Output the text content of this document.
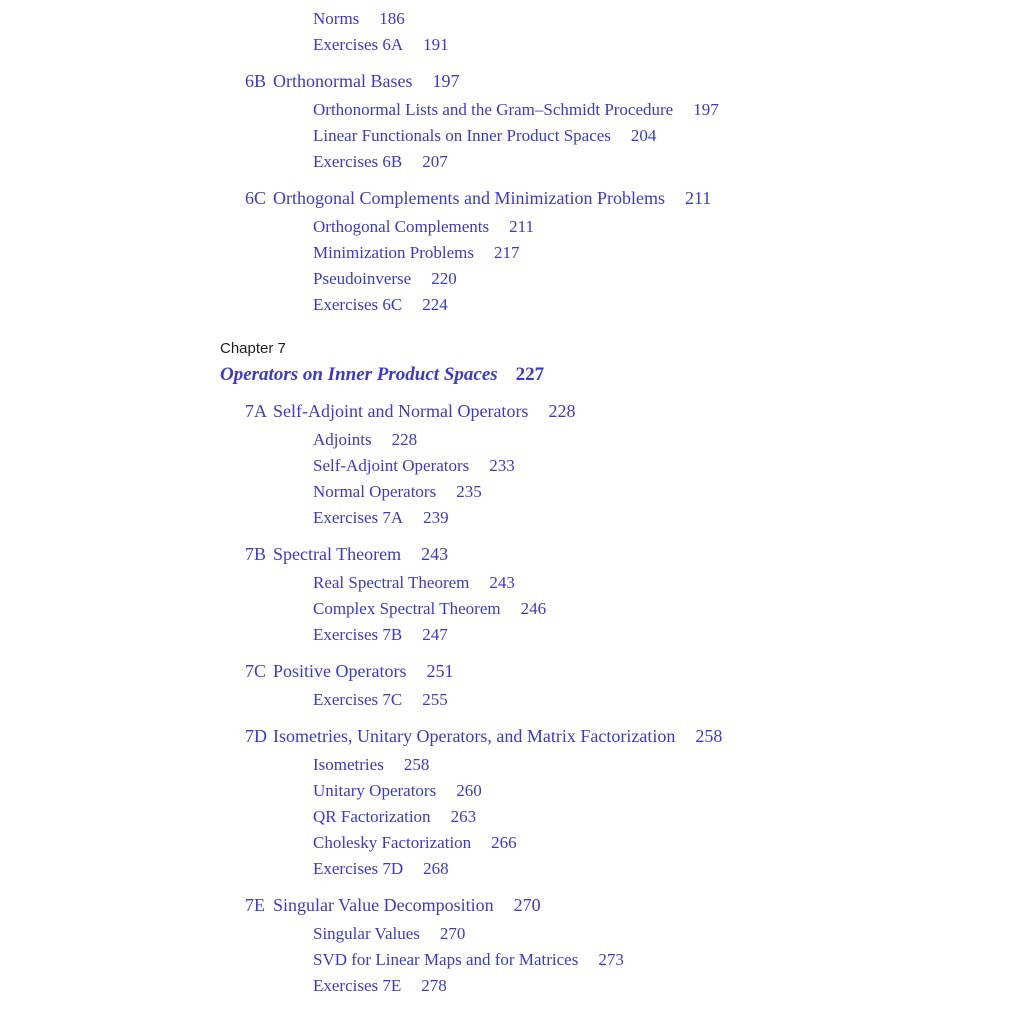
Norms 186
Exercises 6A 191
6B Orthonormal Bases 197
Orthonormal Lists and the Gram–Schmidt Procedure 197
Linear Functionals on Inner Product Spaces 204
Exercises 6B 207
6C Orthogonal Complements and Minimization Problems 211
Orthogonal Complements 211
Minimization Problems 217
Pseudoinverse 220
Exercises 6C 224
Chapter 7
Operators on Inner Product Spaces 227
7A Self-Adjoint and Normal Operators 228
Adjoints 228
Self-Adjoint Operators 233
Normal Operators 235
Exercises 7A 239
7B Spectral Theorem 243
Real Spectral Theorem 243
Complex Spectral Theorem 246
Exercises 7B 247
7C Positive Operators 251
Exercises 7C 255
7D Isometries, Unitary Operators, and Matrix Factorization 258
Isometries 258
Unitary Operators 260
QR Factorization 263
Cholesky Factorization 266
Exercises 7D 268
7E Singular Value Decomposition 270
Singular Values 270
SVD for Linear Maps and for Matrices 273
Exercises 7E 278
